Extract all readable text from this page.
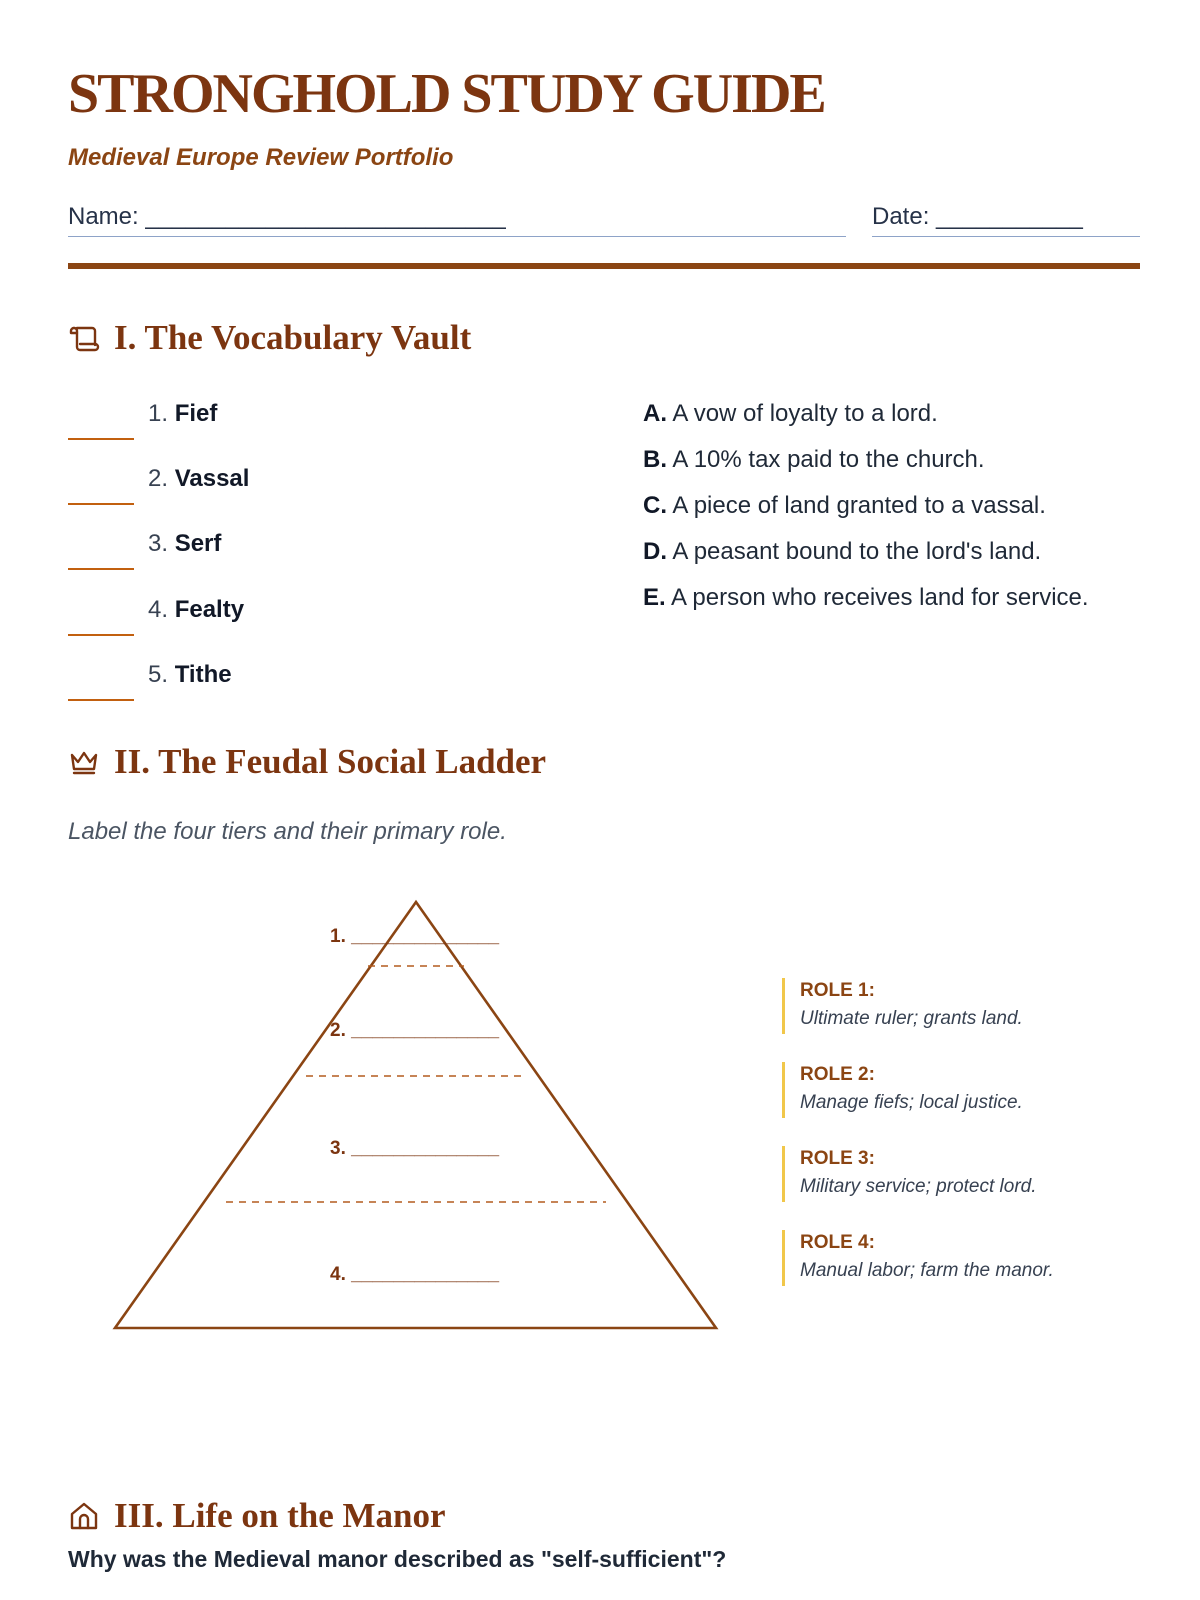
STRONGHOLD STUDY GUIDE
Medieval Europe Review Portfolio
Name: ___________________________	Date: ___________
I. The Vocabulary Vault
1. Fief
2. Vassal
3. Serf
4. Fealty
5. Tithe
A. A vow of loyalty to a lord.
B. A 10% tax paid to the church.
C. A piece of land granted to a vassal.
D. A peasant bound to the lord's land.
E. A person who receives land for service.
II. The Feudal Social Ladder
Label the four tiers and their primary role.
1. ______________
2. ______________
3. ______________
4. ______________
ROLE 1:
Ultimate ruler; grants land.
ROLE 2:
Manage fiefs; local justice.
ROLE 3:
Military service; protect lord.
ROLE 4:
Manual labor; farm the manor.
III. Life on the Manor
Why was the Medieval manor described as "self-sufficient"?
